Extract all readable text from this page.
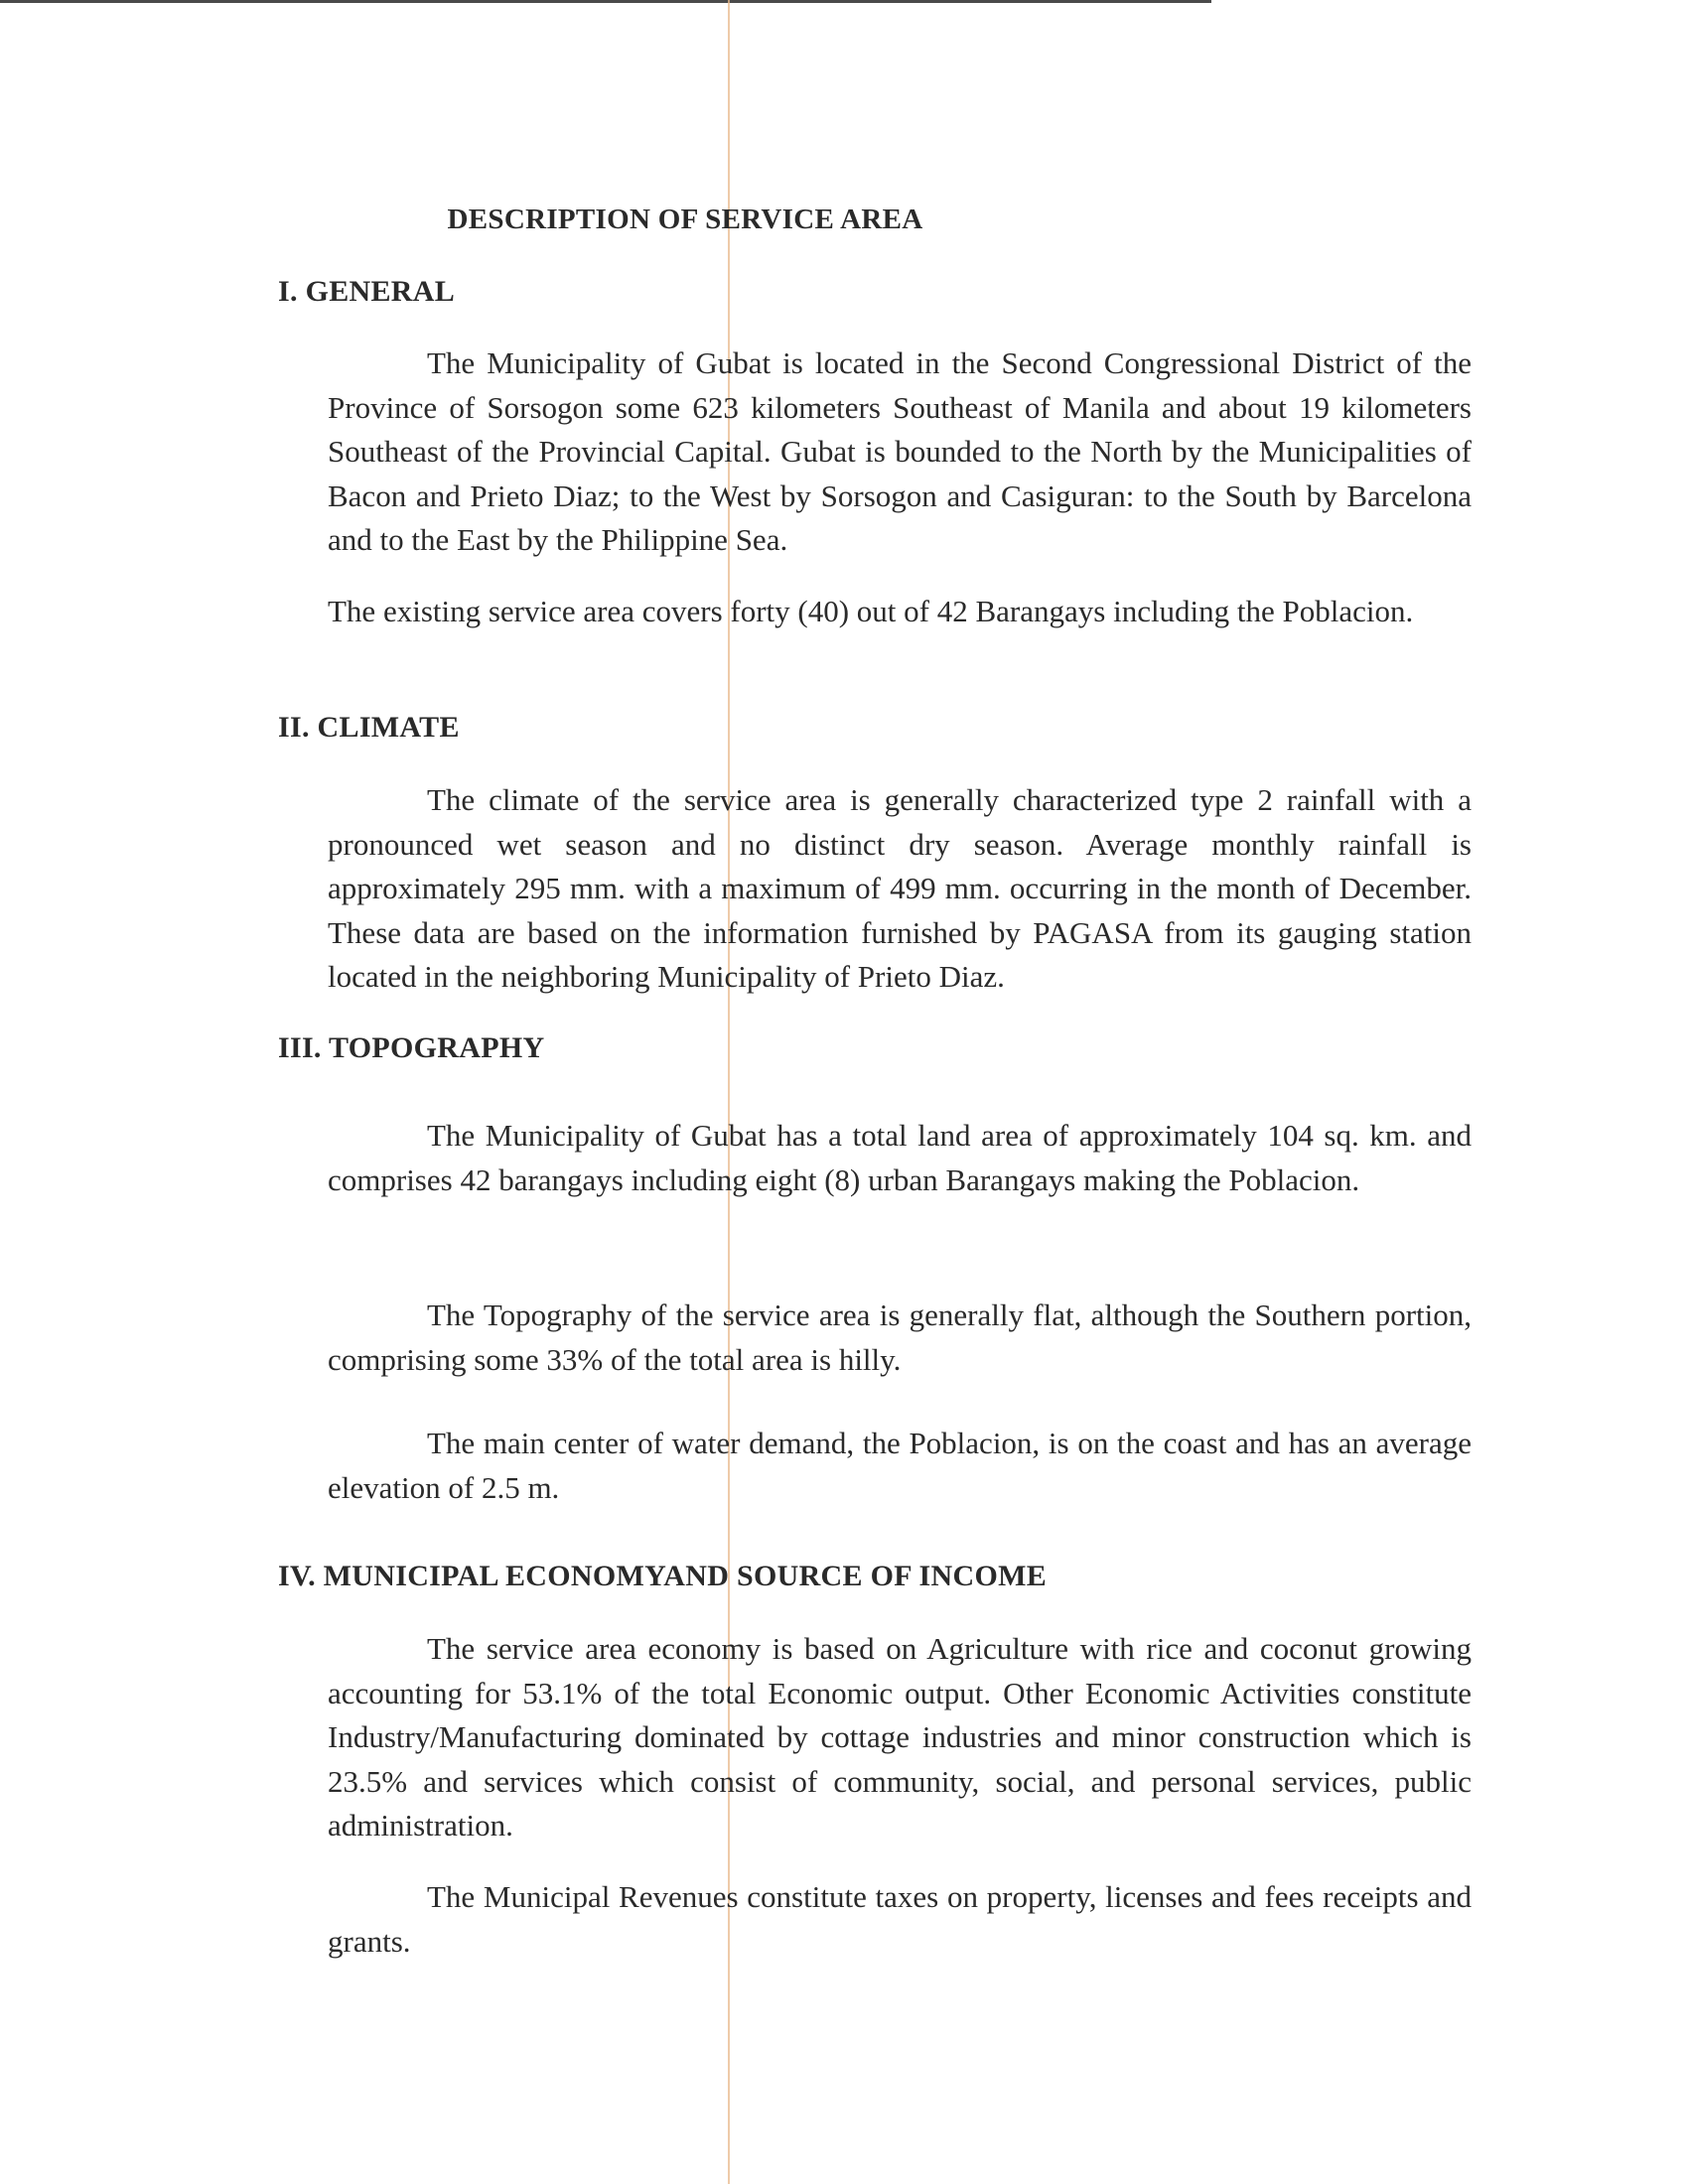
DESCRIPTION OF SERVICE AREA
I. GENERAL

The Municipality of Gubat is located in the Second Congressional District of the Province of Sorsogon some 623 kilometers Southeast of Manila and about 19 kilometers Southeast of the Provincial Capital. Gubat is bounded to the North by the Municipalities of Bacon and Prieto Diaz; to the West by Sorsogon and Casiguran: to the South by Barcelona and to the East by the Philippine Sea.

The existing service area covers forty (40) out of 42 Barangays including the Poblacion.

II. CLIMATE

The climate of the service area is generally characterized type 2 rainfall with a pronounced wet season and no distinct dry season. Average monthly rainfall is approximately 295 mm. with a maximum of 499 mm. occurring in the month of December. These data are based on the information furnished by PAGASA from its gauging station located in the neighboring Municipality of Prieto Diaz.

III. TOPOGRAPHY

The Municipality of Gubat has a total land area of approximately 104 sq. km. and comprises 42 barangays including eight (8) urban Barangays making the Poblacion.

The Topography of the service area is generally flat, although the Southern portion, comprising some 33% of the total area is hilly.

The main center of water demand, the Poblacion, is on the coast and has an average elevation of 2.5 m.

IV. MUNICIPAL ECONOMYAND SOURCE OF INCOME

The service area economy is based on Agriculture with rice and coconut growing accounting for 53.1% of the total Economic output. Other Economic Activities constitute Industry/Manufacturing dominated by cottage industries and minor construction which is 23.5% and services which consist of community, social, and personal services, public administration.

The Municipal Revenues constitute taxes on property, licenses and fees receipts and grants.
